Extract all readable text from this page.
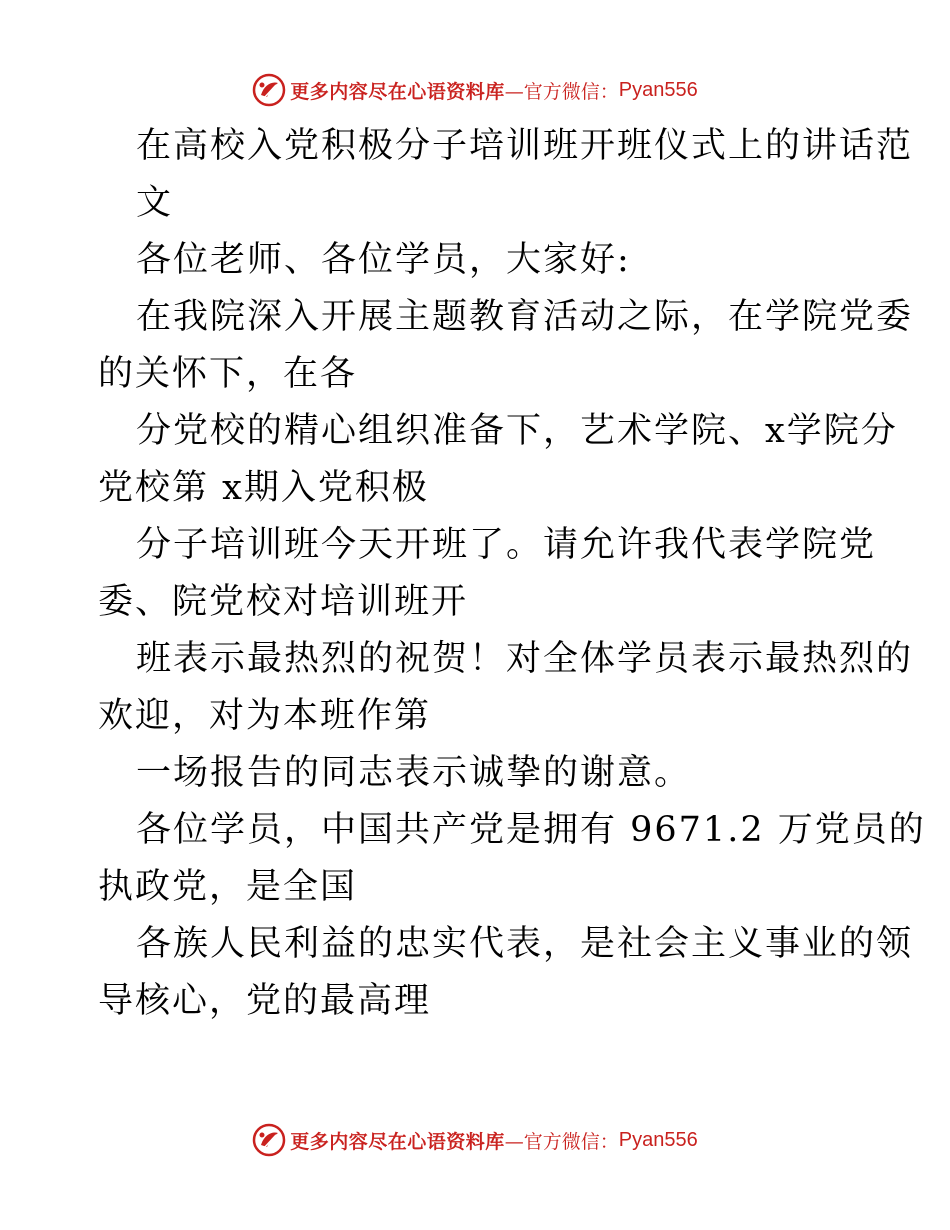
更多内容尽在心语资料库 —官方微信： Pyan556
在高校入党积极分子培训班开班仪式上的讲话范
文
各位老师、各位学员，大家好:
在我院深入开展主题教育活动之际，在学院党委
的关怀下，在各
分党校的精心组织准备下，艺术学院、x学院分
党校第 x期入党积极
分子培训班今天开班了。请允许我代表学院党
委、院党校对培训班开
班表示最热烈的祝贺！对全体学员表示最热烈的
欢迎，对为本班作第
一场报告的同志表示诚挚的谢意。
各位学员，中国共产党是拥有 9671.2 万党员的
执政党，是全国
各族人民利益的忠实代表，是社会主义事业的领
导核心，党的最高理
更多内容尽在心语资料库 —官方微信： Pyan556
